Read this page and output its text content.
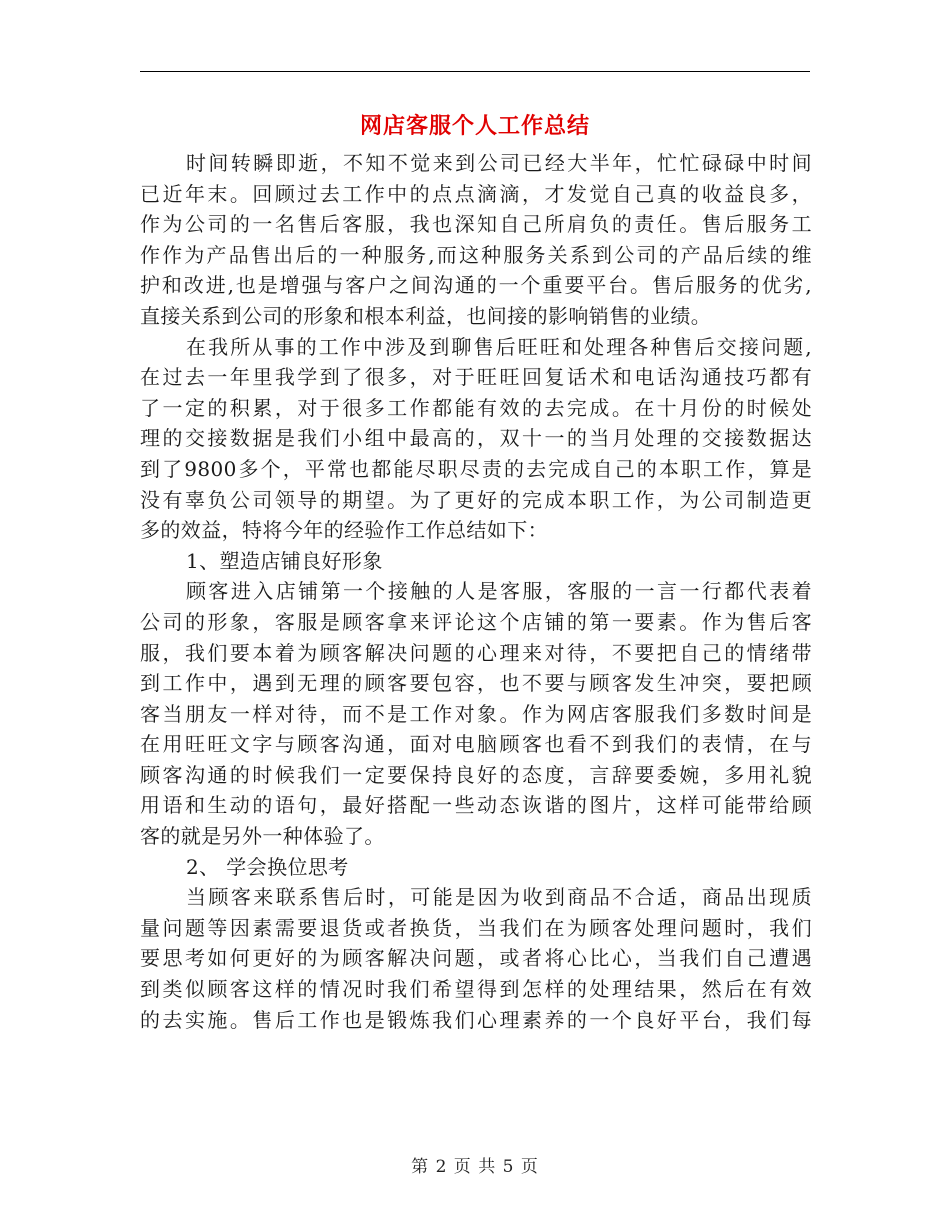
网店客服个人工作总结
时间转瞬即逝，不知不觉来到公司已经大半年，忙忙碌碌中时间
已近年末。回顾过去工作中的点点滴滴，才发觉自己真的收益良多，
作为公司的一名售后客服，我也深知自己所肩负的责任。售后服务工
作作为产品售出后的一种服务,而这种服务关系到公司的产品后续的维
护和改进,也是增强与客户之间沟通的一个重要平台。售后服务的优劣,
直接关系到公司的形象和根本利益，也间接的影响销售的业绩。
在我所从事的工作中涉及到聊售后旺旺和处理各种售后交接问题,
在过去一年里我学到了很多，对于旺旺回复话术和电话沟通技巧都有
了一定的积累，对于很多工作都能有效的去完成。在十月份的时候处
理的交接数据是我们小组中最高的，双十一的当月处理的交接数据达
到了9800多个，平常也都能尽职尽责的去完成自己的本职工作，算是
没有辜负公司领导的期望。为了更好的完成本职工作，为公司制造更
多的效益，特将今年的经验作工作总结如下：
1、塑造店铺良好形象
顾客进入店铺第一个接触的人是客服，客服的一言一行都代表着
公司的形象，客服是顾客拿来评论这个店铺的第一要素。作为售后客
服，我们要本着为顾客解决问题的心理来对待，不要把自己的情绪带
到工作中，遇到无理的顾客要包容，也不要与顾客发生冲突，要把顾
客当朋友一样对待，而不是工作对象。作为网店客服我们多数时间是
在用旺旺文字与顾客沟通，面对电脑顾客也看不到我们的表情，在与
顾客沟通的时候我们一定要保持良好的态度，言辞要委婉，多用礼貌
用语和生动的语句，最好搭配一些动态诙谐的图片，这样可能带给顾
客的就是另外一种体验了。
2、 学会换位思考
当顾客来联系售后时，可能是因为收到商品不合适，商品出现质
量问题等因素需要退货或者换货，当我们在为顾客处理问题时，我们
要思考如何更好的为顾客解决问题，或者将心比心，当我们自己遭遇
到类似顾客这样的情况时我们希望得到怎样的处理结果，然后在有效
的去实施。售后工作也是锻炼我们心理素养的一个良好平台，我们每
第 2 页 共 5 页
